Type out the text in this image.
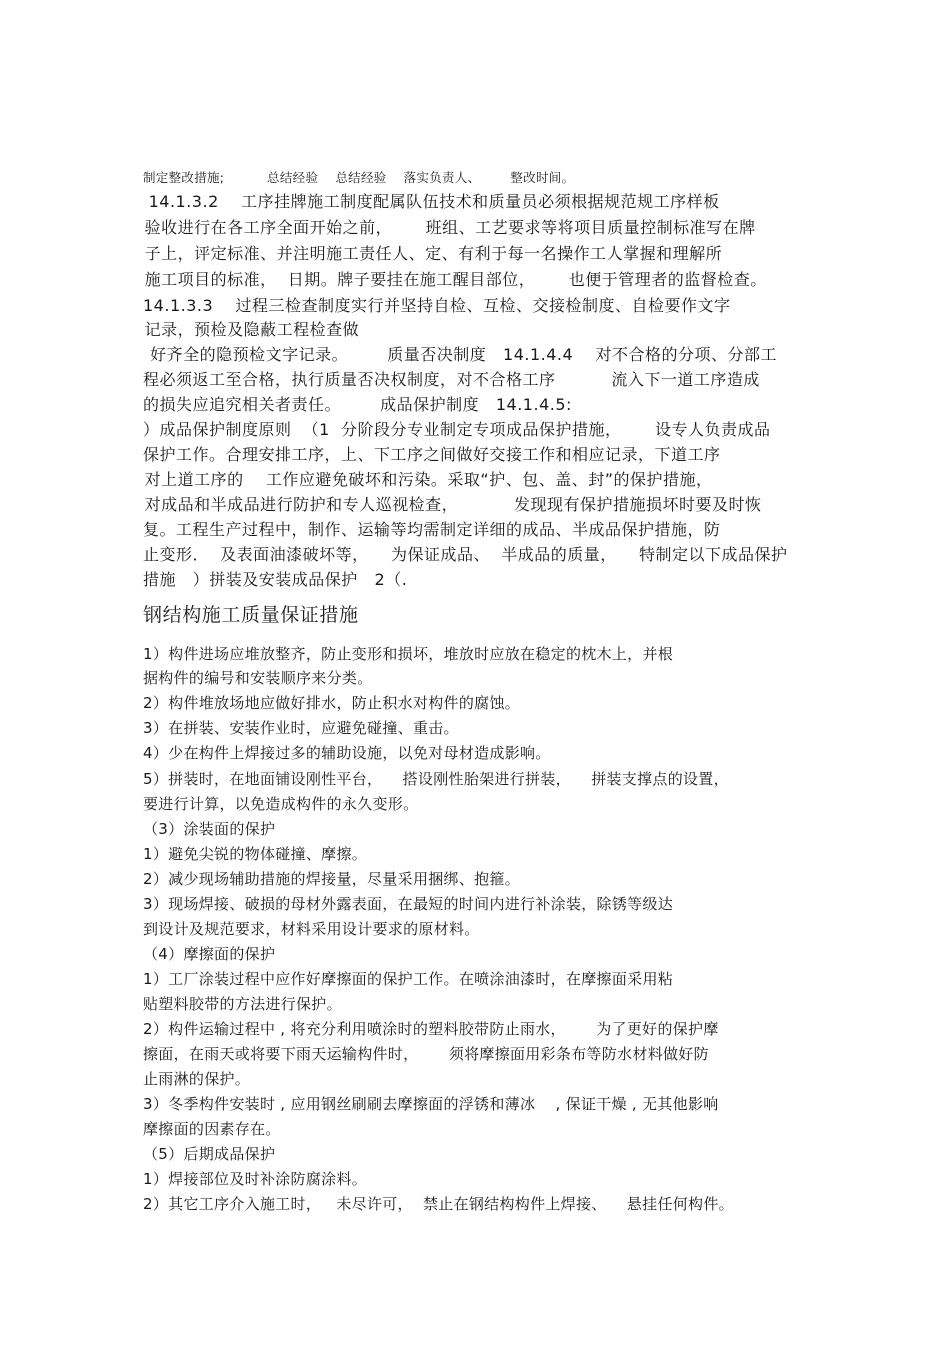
制定整改措施;          总结经验    总结经验    落实负责人、       整改时间。
14.1.3.2    工序挂牌施工制度配属队伍技术和质量员必须根据规范规工序样板
验收进行在各工序全面开始之前，      班组、工艺要求等将项目质量控制标准写在牌
子上，评定标准、并注明施工责任人、定、有利于每一名操作工人掌握和理解所
施工项目的标准，  日期。牌子要挂在施工醒目部位，      也便于管理者的监督检查。
14.1.3.3    过程三检查制度实行并坚持自检、互检、交接检制度、自检要作文字
记录，预检及隐蔽工程检查做
好齐全的隐预检文字记录。       质量否决制度   14.1.4.4    对不合格的分项、分部工
程必须返工至合格，执行质量否决权制度，对不合格工序          流入下一道工序造成
的损失应追究相关者责任。       成品保护制度   14.1.4.5:
）成品保护制度原则  （1  分阶段分专业制定专项成品保护措施，      设专人负责成品
保护工作。合理安排工序，上、下工序之间做好交接工作和相应记录，下道工序
对上道工序的    工作应避免破坏和污染。采取“护、包、盖、封”的保护措施，
对成品和半成品进行防护和专人巡视检查，          发现现有保护措施损坏时要及时恢
复。工程生产过程中，制作、运输等均需制定详细的成品、半成品保护措施，防
止变形．  及表面油漆破坏等，    为保证成品、  半成品的质量，    特制定以下成品保护
措施   ）拼装及安装成品保护   2（.
钢结构施工质量保证措施
1）构件进场应堆放整齐，防止变形和损坏，堆放时应放在稳定的枕木上，并根
据构件的编号和安装顺序来分类。
2）构件堆放场地应做好排水，防止积水对构件的腐蚀。
3）在拼装、安装作业时，应避免碰撞、重击。
4）少在构件上焊接过多的辅助设施，以免对母材造成影响。
5）拼装时，在地面铺设刚性平台，    搭设刚性胎架进行拼装，    拼装支撑点的设置，
要进行计算，以免造成构件的永久变形。
（3）涂装面的保护
1）避免尖锐的物体碰撞、摩擦。
2）减少现场辅助措施的焊接量，尽量采用捆绑、抱箍。
3）现场焊接、破损的母材外露表面，在最短的时间内进行补涂装，除锈等级达
到设计及规范要求，材料采用设计要求的原材料。
（4）摩擦面的保护
1）工厂涂装过程中应作好摩擦面的保护工作。在喷涂油漆时，在摩擦面采用粘
贴塑料胶带的方法进行保护。
2）构件运输过程中 , 将充分利用喷涂时的塑料胶带防止雨水，      为了更好的保护摩
擦面，在雨天或将要下雨天运输构件时，      须将摩擦面用彩条布等防水材料做好防
止雨淋的保护。
3）冬季构件安装时 , 应用钢丝刷刷去摩擦面的浮锈和薄冰    , 保证干燥 , 无其他影响
摩擦面的因素存在。
（5）后期成品保护
1）焊接部位及时补涂防腐涂料。
2）其它工序介入施工时，   未尽许可，  禁止在钢结构构件上焊接、    悬挂任何构件。
